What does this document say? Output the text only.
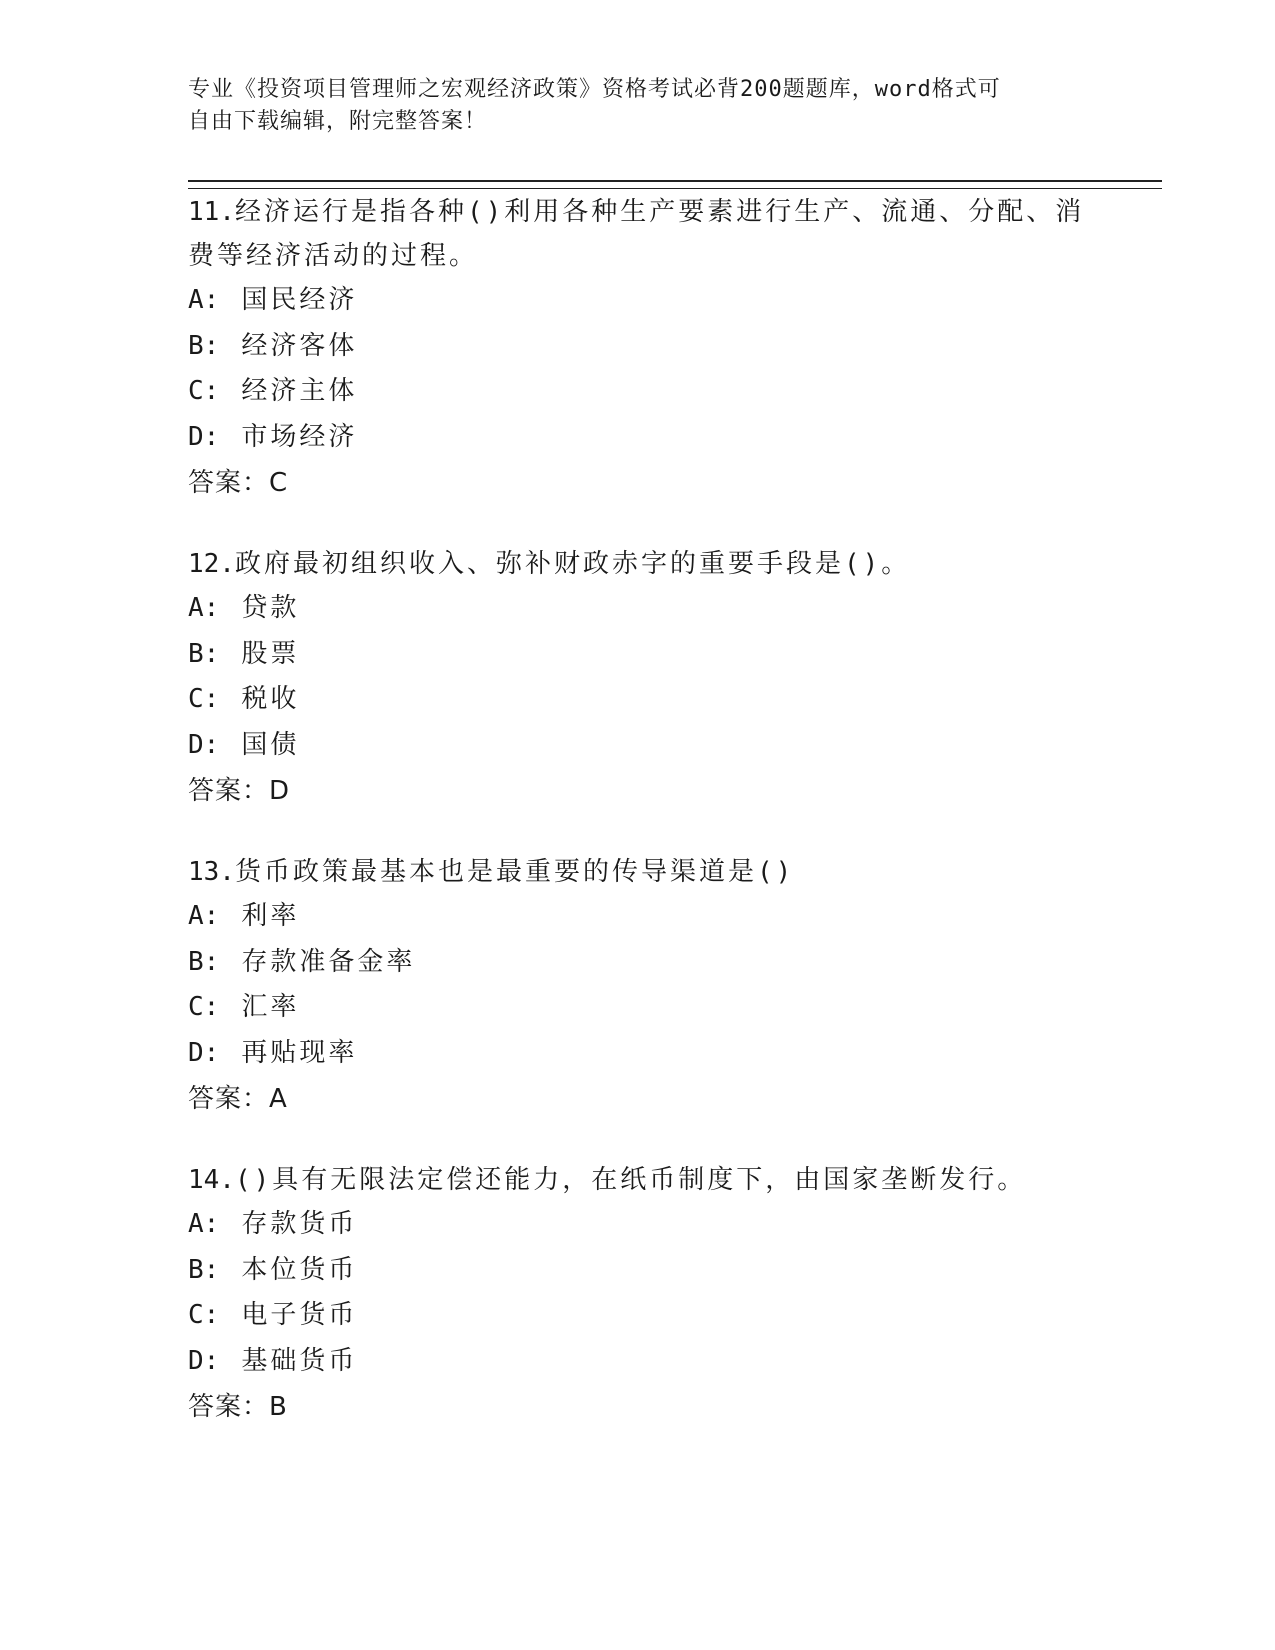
专业《投资项目管理师之宏观经济政策》资格考试必背200题题库，word格式可

自由下载编辑，附完整答案！

11.经济运行是指各种()利用各种生产要素进行生产、流通、分配、消

费等经济活动的过程。

A: 国民经济

B: 经济客体

C: 经济主体

D: 市场经济

答案：C

12.政府最初组织收入、弥补财政赤字的重要手段是()。

A: 贷款

B: 股票

C: 税收

D: 国债

答案：D

13.货币政策最基本也是最重要的传导渠道是()

A: 利率

B: 存款准备金率

C: 汇率

D: 再贴现率

答案：A

14.()具有无限法定偿还能力，在纸币制度下，由国家垄断发行。

A: 存款货币

B: 本位货币

C: 电子货币

D: 基础货币

答案：B
